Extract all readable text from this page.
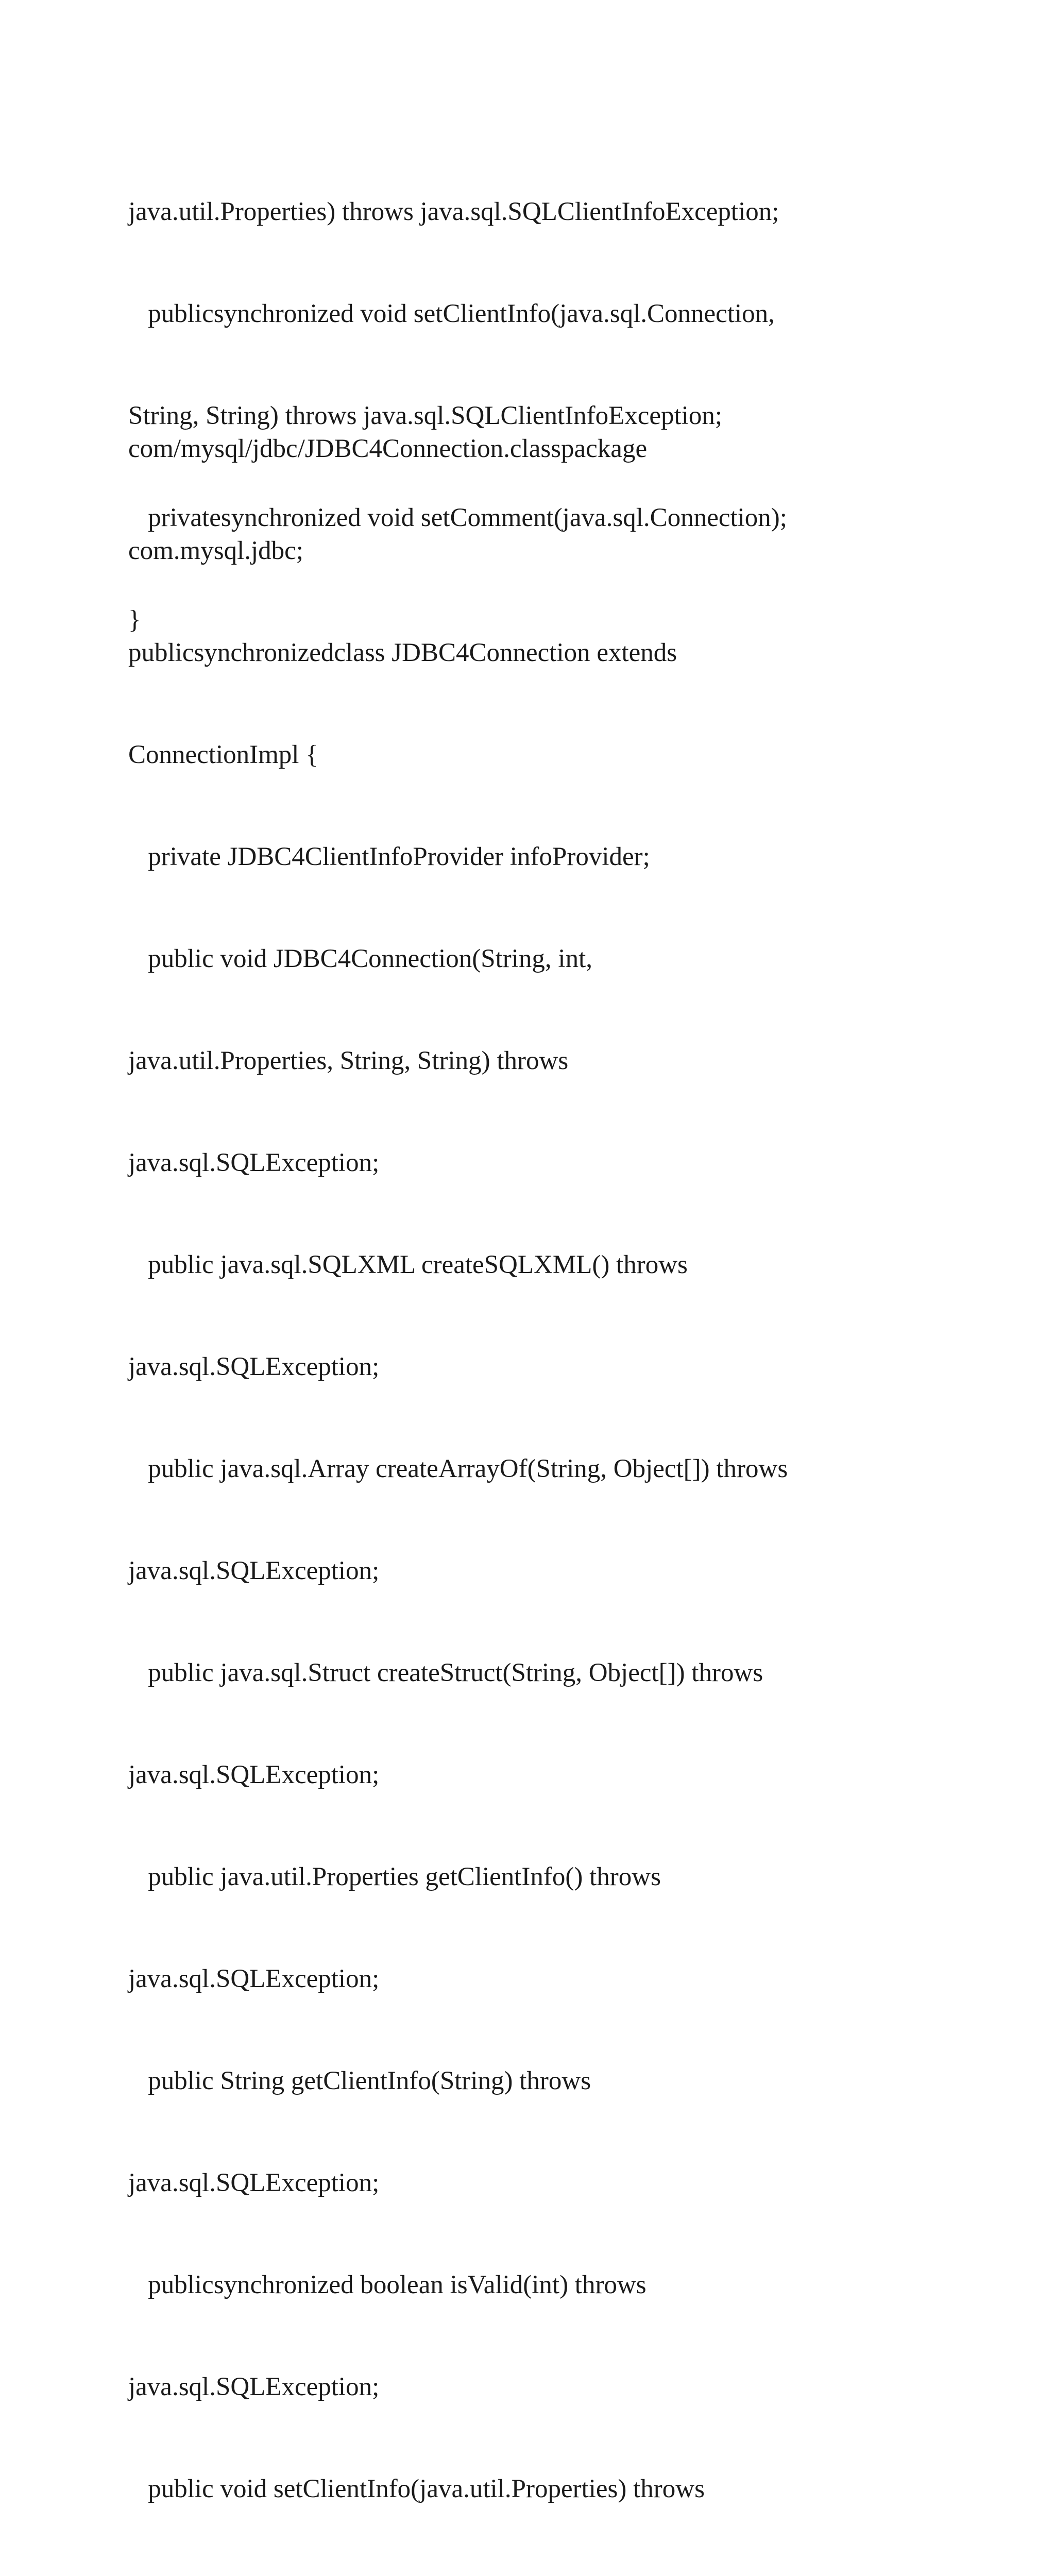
java.util.Properties) throws java.sql.SQLClientInfoException;

publicsynchronized void setClientInfo(java.sql.Connection,

String, String) throws java.sql.SQLClientInfoException;

privatesynchronized void setComment(java.sql.Connection);

}

com/mysql/jdbc/JDBC4Connection.classpackage

com.mysql.jdbc;

publicsynchronizedclass JDBC4Connection extends

ConnectionImpl {

private JDBC4ClientInfoProvider infoProvider;

public void JDBC4Connection(String, int,

java.util.Properties, String, String) throws

java.sql.SQLException;

public java.sql.SQLXML createSQLXML() throws

java.sql.SQLException;

public java.sql.Array createArrayOf(String, Object[]) throws

java.sql.SQLException;

public java.sql.Struct createStruct(String, Object[]) throws

java.sql.SQLException;

public java.util.Properties getClientInfo() throws

java.sql.SQLException;

public String getClientInfo(String) throws

java.sql.SQLException;

publicsynchronized boolean isValid(int) throws

java.sql.SQLException;

public void setClientInfo(java.util.Properties) throws
